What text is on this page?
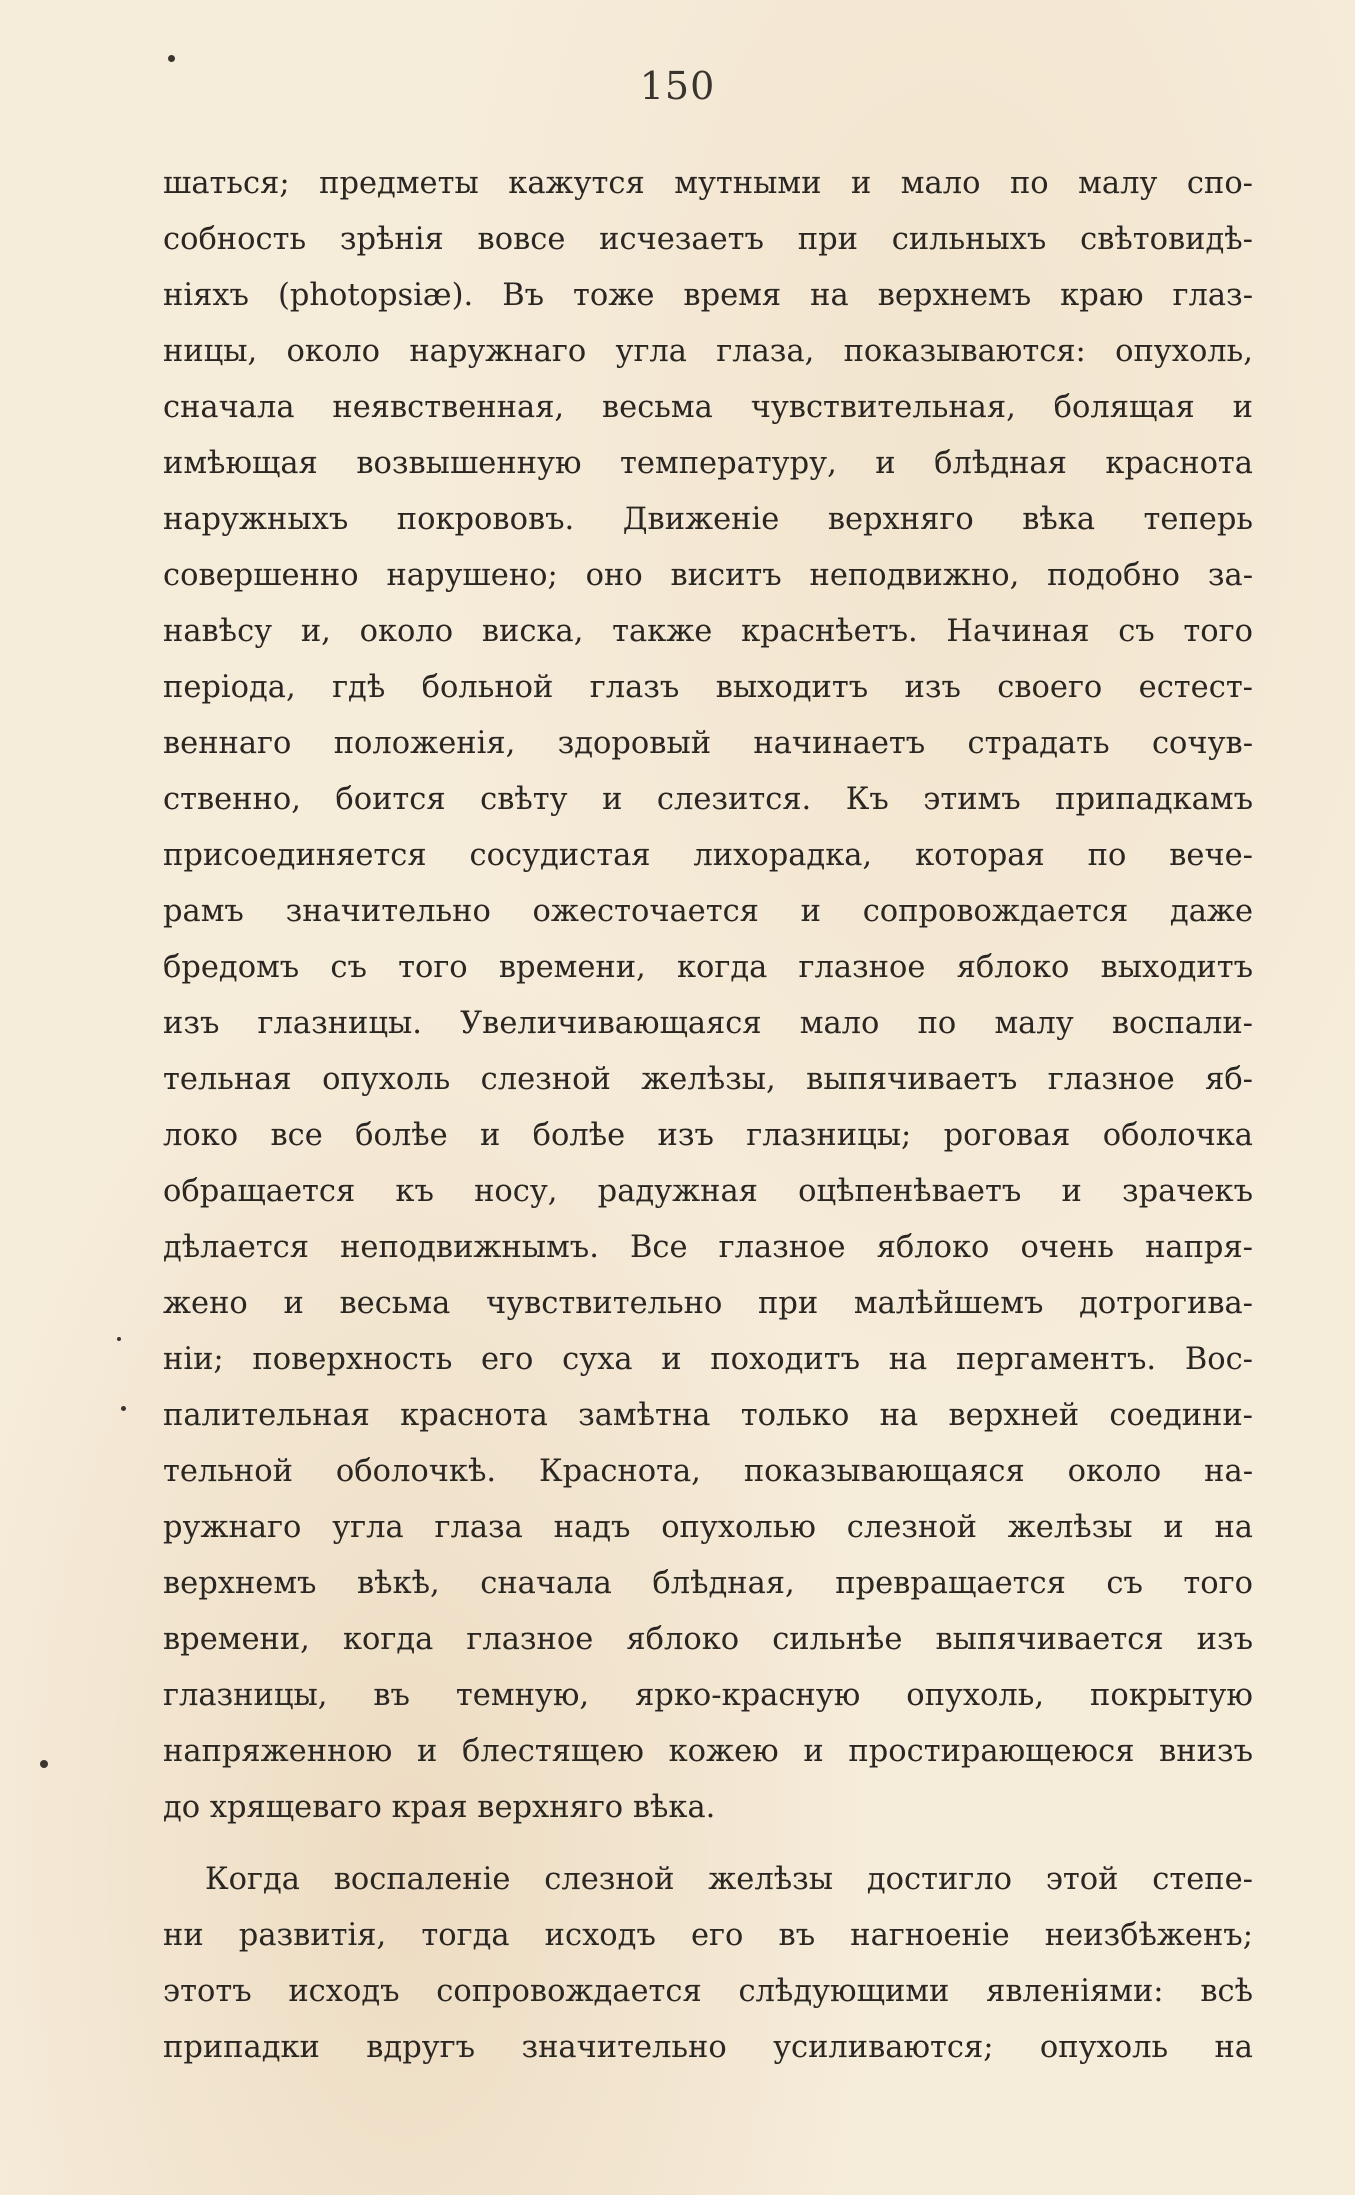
150
шаться; предметы кажутся мутными и мало по малу спо-
собность зрѣнія вовсе исчезаетъ при сильныхъ свѣтовидѣ-
ніяхъ (photopsiæ). Въ тоже время на верхнемъ краю глаз-
ницы, около наружнаго угла глаза, показываются: опухоль,
сначала неявственная, весьма чувствительная, болящая и
имѣющая возвышенную температуру, и блѣдная краснота
наружныхъ покрововъ. Движеніе верхняго вѣка теперь
совершенно нарушено; оно виситъ неподвижно, подобно за-
навѣсу и, около виска, также краснѣетъ. Начиная съ того
періода, гдѣ больной глазъ выходитъ изъ своего естест-
веннаго положенія, здоровый начинаетъ страдать сочув-
ственно, боится свѣту и слезится. Къ этимъ припадкамъ
присоединяется сосудистая лихорадка, которая по вече-
рамъ значительно ожесточается и сопровождается даже
бредомъ съ того времени, когда глазное яблоко выходитъ
изъ глазницы. Увеличивающаяся мало по малу воспали-
тельная опухоль слезной желѣзы, выпячиваетъ глазное яб-
локо все болѣе и болѣе изъ глазницы; роговая оболочка
обращается къ носу, радужная оцѣпенѣваетъ и зрачекъ
дѣлается неподвижнымъ. Все глазное яблоко очень напря-
жено и весьма чувствительно при малѣйшемъ дотрогива-
ніи; поверхность его суха и походитъ на пергаментъ. Вос-
палительная краснота замѣтна только на верхней соедини-
тельной оболочкѣ. Краснота, показывающаяся около на-
ружнаго угла глаза надъ опухолью слезной желѣзы и на
верхнемъ вѣкѣ, сначала блѣдная, превращается съ того
времени, когда глазное яблоко сильнѣе выпячивается изъ
глазницы, въ темную, ярко-красную опухоль, покрытую
напряженною и блестящею кожею и простирающеюся внизъ
до хрящеваго края верхняго вѣка.
Когда воспаленіе слезной желѣзы достигло этой степе-
ни развитія, тогда исходъ его въ нагноеніе неизбѣженъ;
этотъ исходъ сопровождается слѣдующими явленіями: всѣ
припадки вдругъ значительно усиливаются; опухоль на
